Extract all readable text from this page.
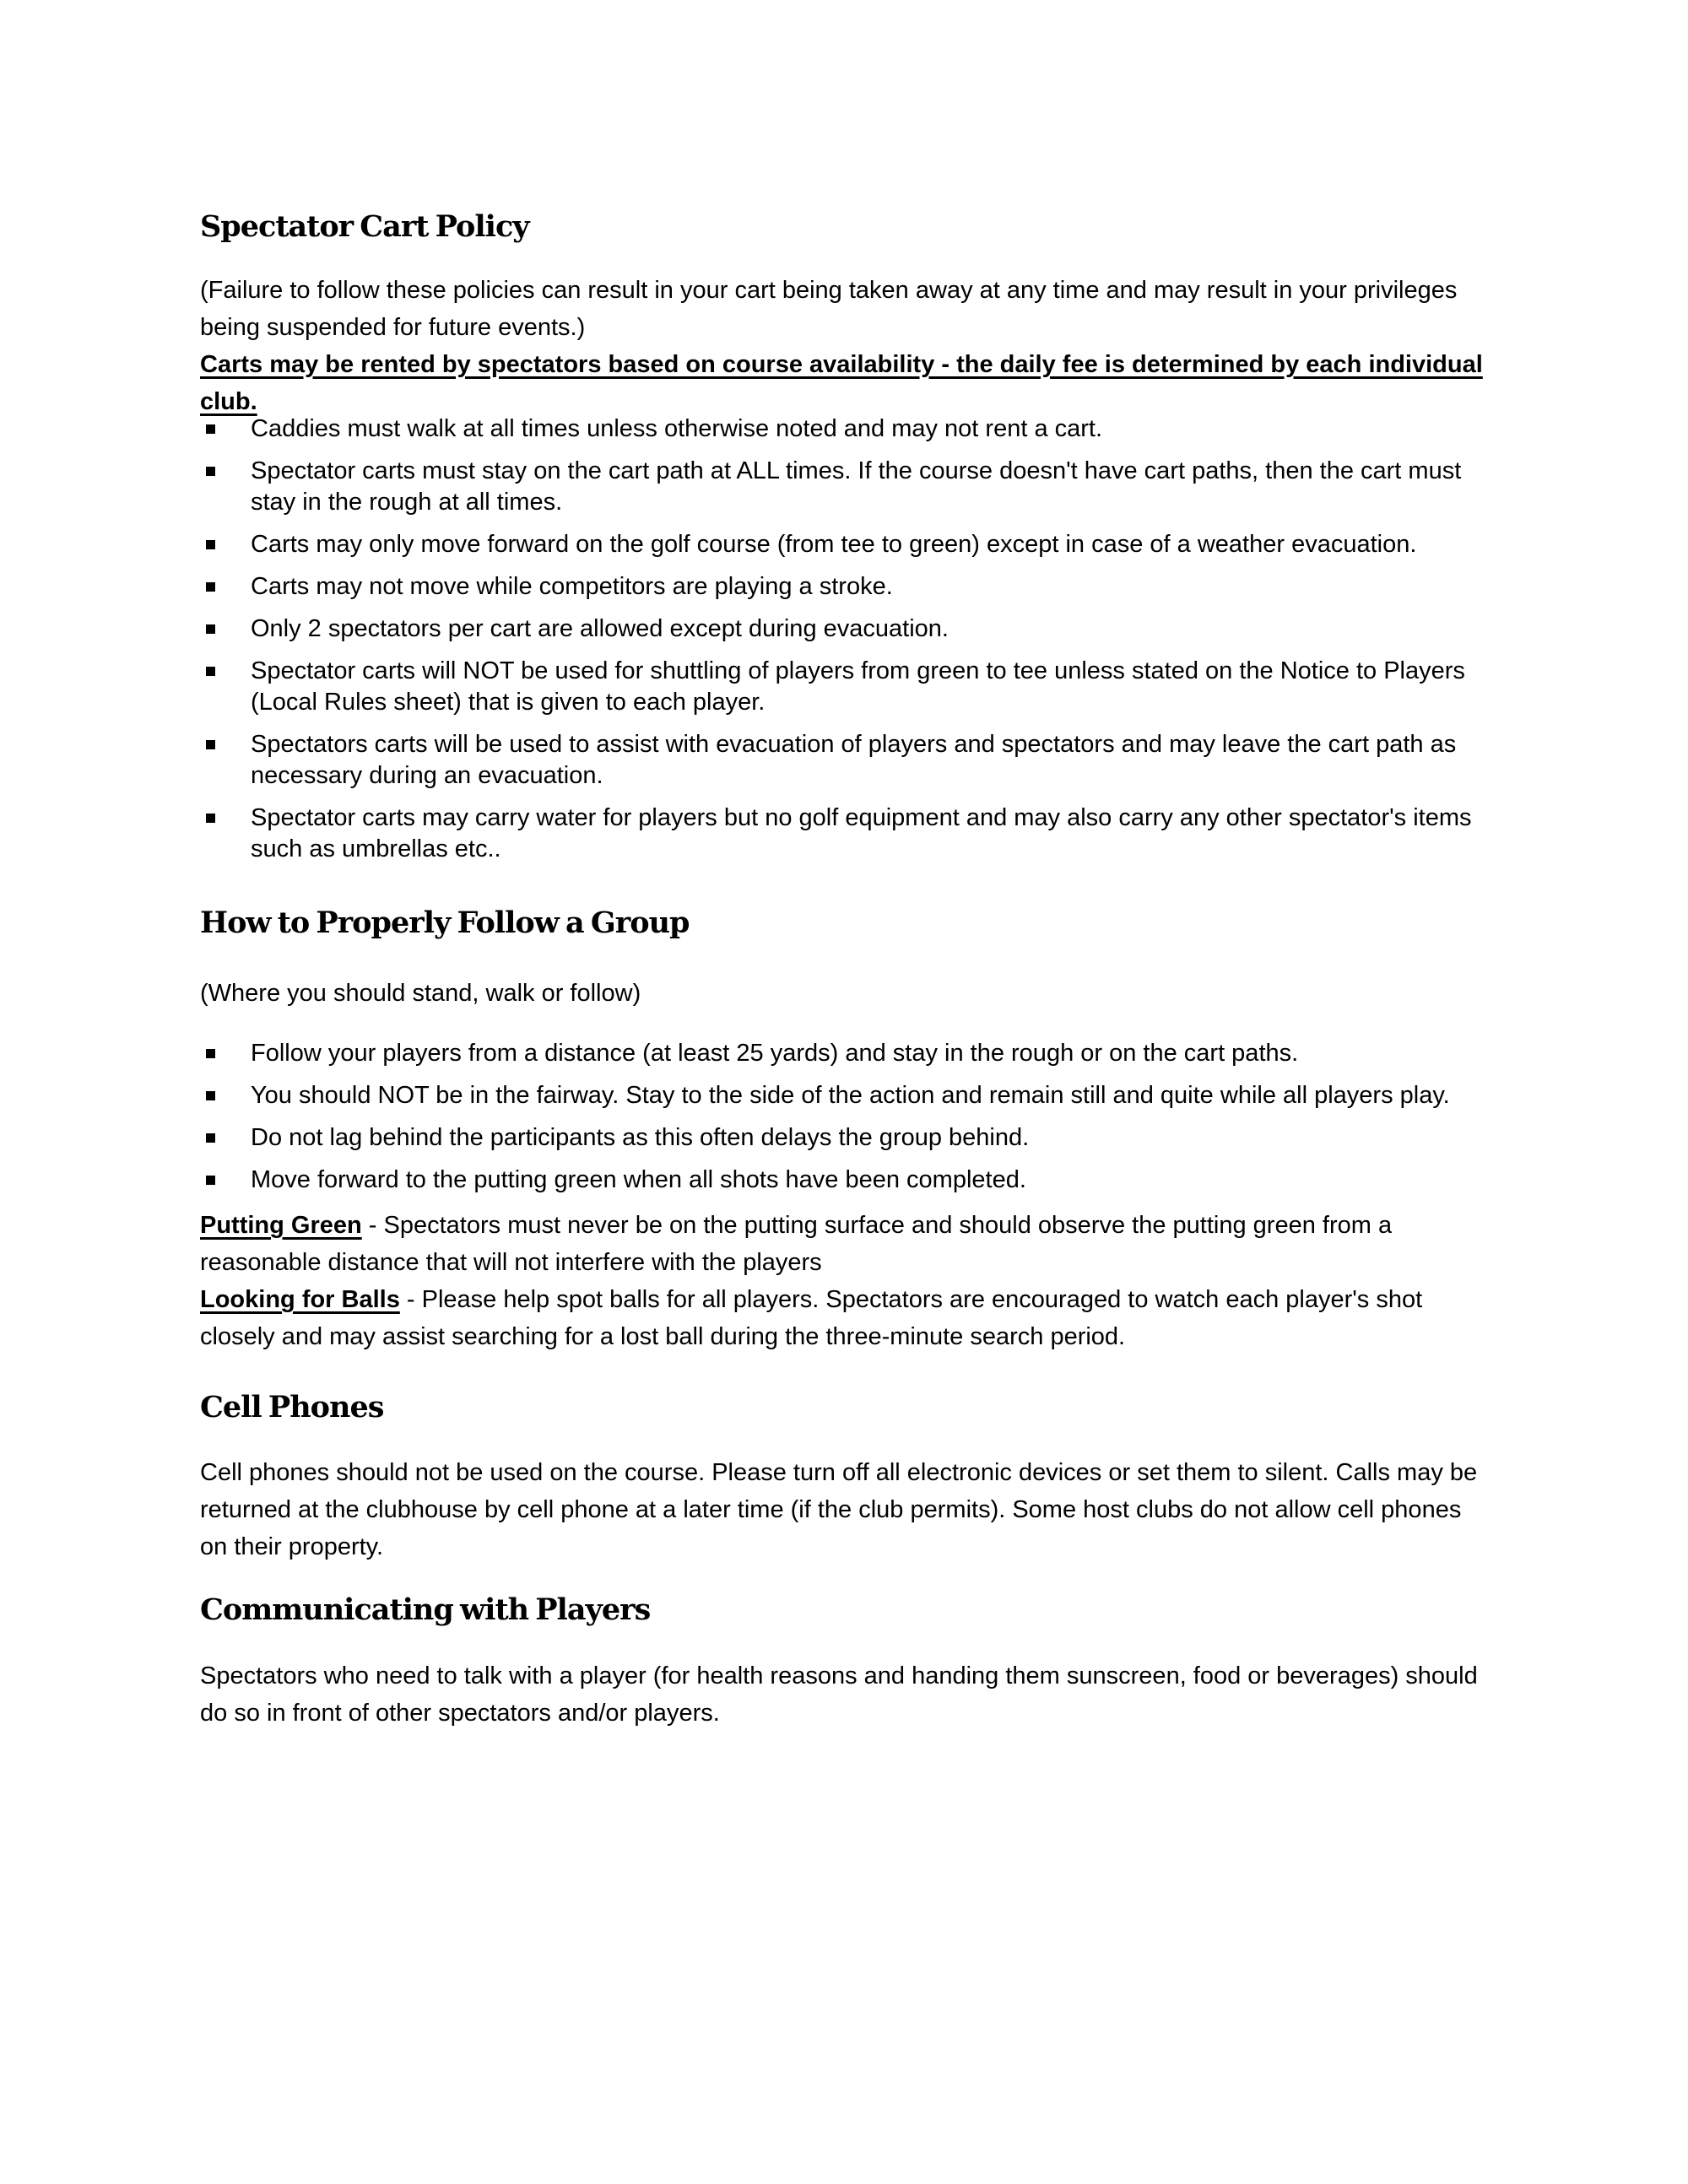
Spectator Cart Policy

(Failure to follow these policies can result in your cart being taken away at any time and may result in your privileges being suspended for future events.)

Carts may be rented by spectators based on course availability - the daily fee is determined by each individual club.

Caddies must walk at all times unless otherwise noted and may not rent a cart.
Spectator carts must stay on the cart path at ALL times. If the course doesn't have cart paths, then the cart must stay in the rough at all times.
Carts may only move forward on the golf course (from tee to green) except in case of a weather evacuation.
Carts may not move while competitors are playing a stroke.
Only 2 spectators per cart are allowed except during evacuation.
Spectator carts will NOT be used for shuttling of players from green to tee unless stated on the Notice to Players (Local Rules sheet) that is given to each player.
Spectators carts will be used to assist with evacuation of players and spectators and may leave the cart path as necessary during an evacuation.
Spectator carts may carry water for players but no golf equipment and may also carry any other spectator's items such as umbrellas etc..
How to Properly Follow a Group

(Where you should stand, walk or follow)

Follow your players from a distance (at least 25 yards) and stay in the rough or on the cart paths.
You should NOT be in the fairway. Stay to the side of the action and remain still and quite while all players play.
Do not lag behind the participants as this often delays the group behind.
Move forward to the putting green when all shots have been completed.

Putting Green - Spectators must never be on the putting surface and should observe the putting green from a reasonable distance that will not interfere with the players

Looking for Balls - Please help spot balls for all players. Spectators are encouraged to watch each player's shot closely and may assist searching for a lost ball during the three-minute search period.

Cell Phones

Cell phones should not be used on the course. Please turn off all electronic devices or set them to silent. Calls may be returned at the clubhouse by cell phone at a later time (if the club permits). Some host clubs do not allow cell phones on their property.

Communicating with Players

Spectators who need to talk with a player (for health reasons and handing them sunscreen, food or beverages) should do so in front of other spectators and/or players.
